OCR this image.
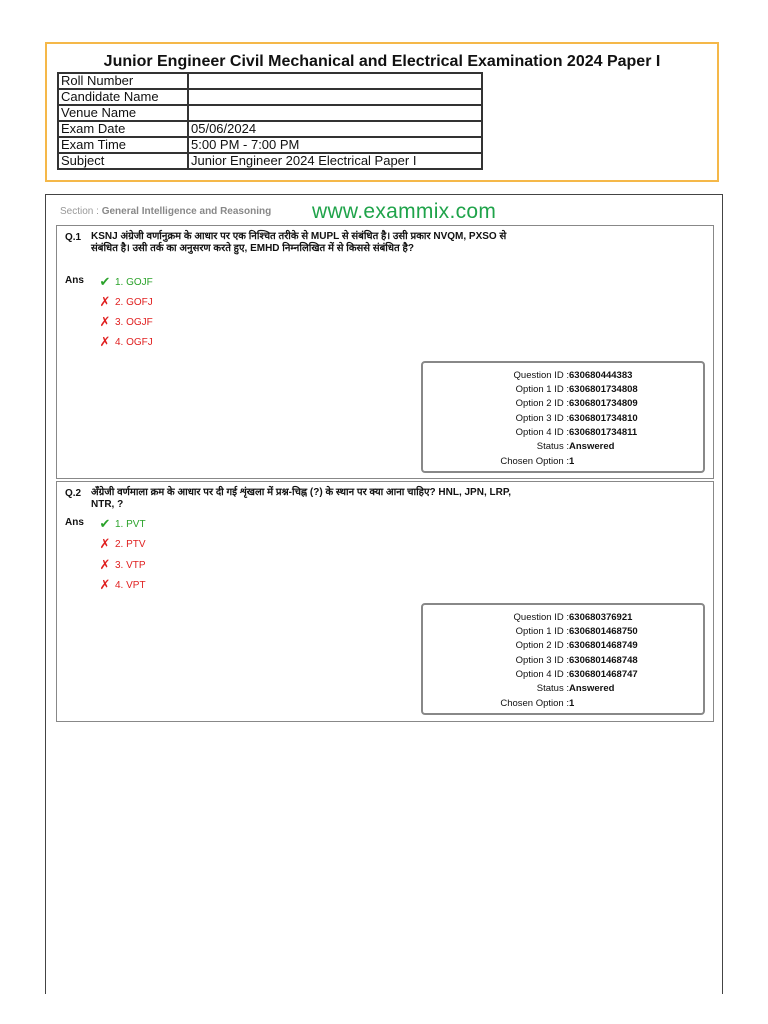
Junior Engineer Civil Mechanical and Electrical Examination 2024 Paper I
Roll Number	
Candidate Name	
Venue Name	
Exam Date	05/06/2024
Exam Time	5:00 PM - 7:00 PM
Subject	Junior Engineer 2024 Electrical Paper I
Section : General Intelligence and Reasoning www.exammix.com
Q.1 KSNJ अंग्रेजी वर्णानुक्रम के आधार पर एक निश्चित तरीके से MUPL से संबंधित है। उसी प्रकार NVQM, PXSO से संबंधित है। उसी तर्क का अनुसरण करते हुए, EMHD निम्नलिखित में से किससे संबंधित है?
Ans ✔ 1. GOJF
✗ 2. GOFJ
✗ 3. OGJF
✗ 4. OGFJ
Question ID : 630680444383
Option 1 ID : 6306801734808
Option 2 ID : 6306801734809
Option 3 ID : 6306801734810
Option 4 ID : 6306801734811
Status : Answered
Chosen Option : 1
Q.2 अँग्रेजी वर्णमाला क्रम के आधार पर दी गई शृंखला में प्रश्न-चिह्न (?) के स्थान पर क्या आना चाहिए? HNL, JPN, LRP, NTR, ?
Ans ✔ 1. PVT
✗ 2. PTV
✗ 3. VTP
✗ 4. VPT
Question ID : 630680376921
Option 1 ID : 6306801468750
Option 2 ID : 6306801468749
Option 3 ID : 6306801468748
Option 4 ID : 6306801468747
Status : Answered
Chosen Option : 1
